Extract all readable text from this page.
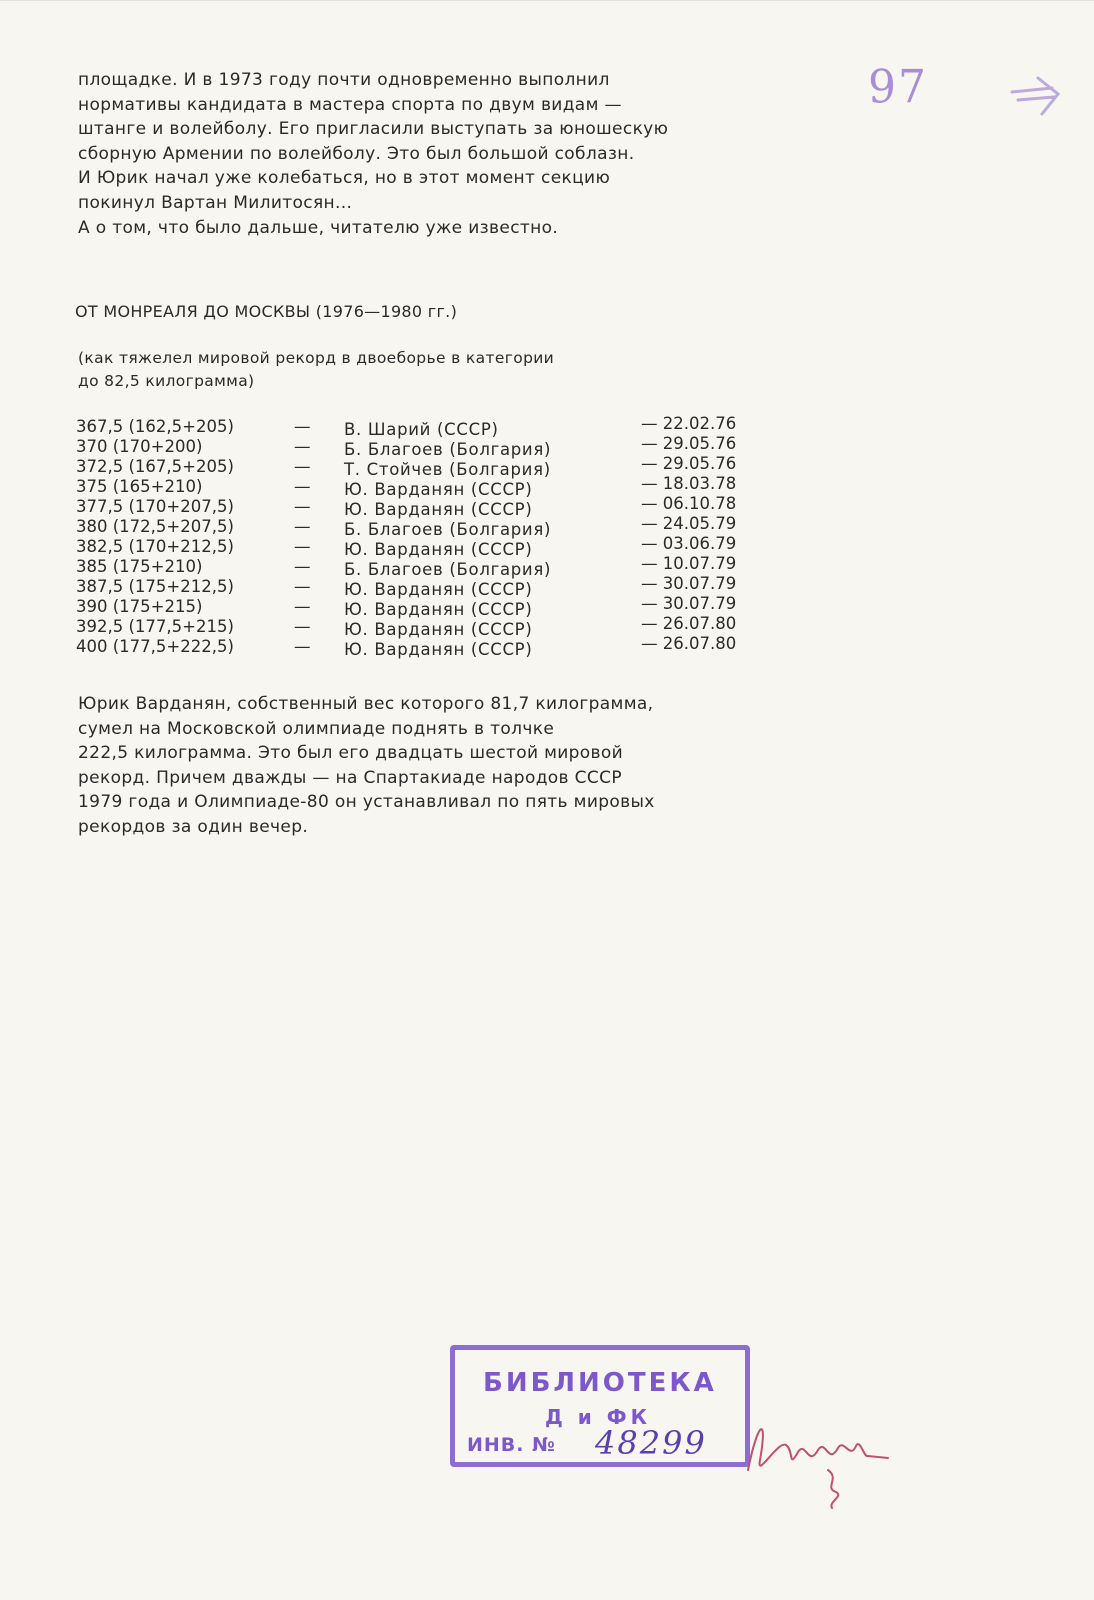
площадке. И в 1973 году почти одновременно выполнил

нормативы кандидата в мастера спорта по двум видам —

штанге и волейболу. Его пригласили выступать за юношескую

сборную Армении по волейболу. Это был большой соблазн.

И Юрик начал уже колебаться, но в этот момент секцию

покинул Вартан Милитосян...

А о том, что было дальше, читателю уже известно.

97
ОТ МОНРЕАЛЯ ДО МОСКВЫ (1976—1980 гг.)
(как тяжелел мировой рекорд в двоеборье в категории
до 82,5 килограмма)
367,5 (162,5+205)	— В. Шарий (СССР)	— 22.02.76
370 (170+200)	— Б. Благоев (Болгария)	— 29.05.76
372,5 (167,5+205)	— Т. Стойчев (Болгария)	— 29.05.76
375 (165+210)	— Ю. Варданян (СССР)	— 18.03.78
377,5 (170+207,5)	— Ю. Варданян (СССР)	— 06.10.78
380 (172,5+207,5)	— Б. Благоев (Болгария)	— 24.05.79
382,5 (170+212,5)	— Ю. Варданян (СССР)	— 03.06.79
385 (175+210)	— Б. Благоев (Болгария)	— 10.07.79
387,5 (175+212,5)	— Ю. Варданян (СССР)	— 30.07.79
390 (175+215)	— Ю. Варданян (СССР)	— 30.07.79
392,5 (177,5+215)	— Ю. Варданян (СССР)	— 26.07.80
400 (177,5+222,5)	— Ю. Варданян (СССР)	— 26.07.80

Юрик Варданян, собственный вес которого 81,7 килограмма,

сумел на Московской олимпиаде поднять в толчке

222,5 килограмма. Это был его двадцать шестой мировой

рекорд. Причем дважды — на Спартакиаде народов СССР

1979 года и Олимпиаде-80 он устанавливал по пять мировых

рекордов за один вечер.

БИБЛИОТЕКА
Д и ФК
ИНВ. № 48299
